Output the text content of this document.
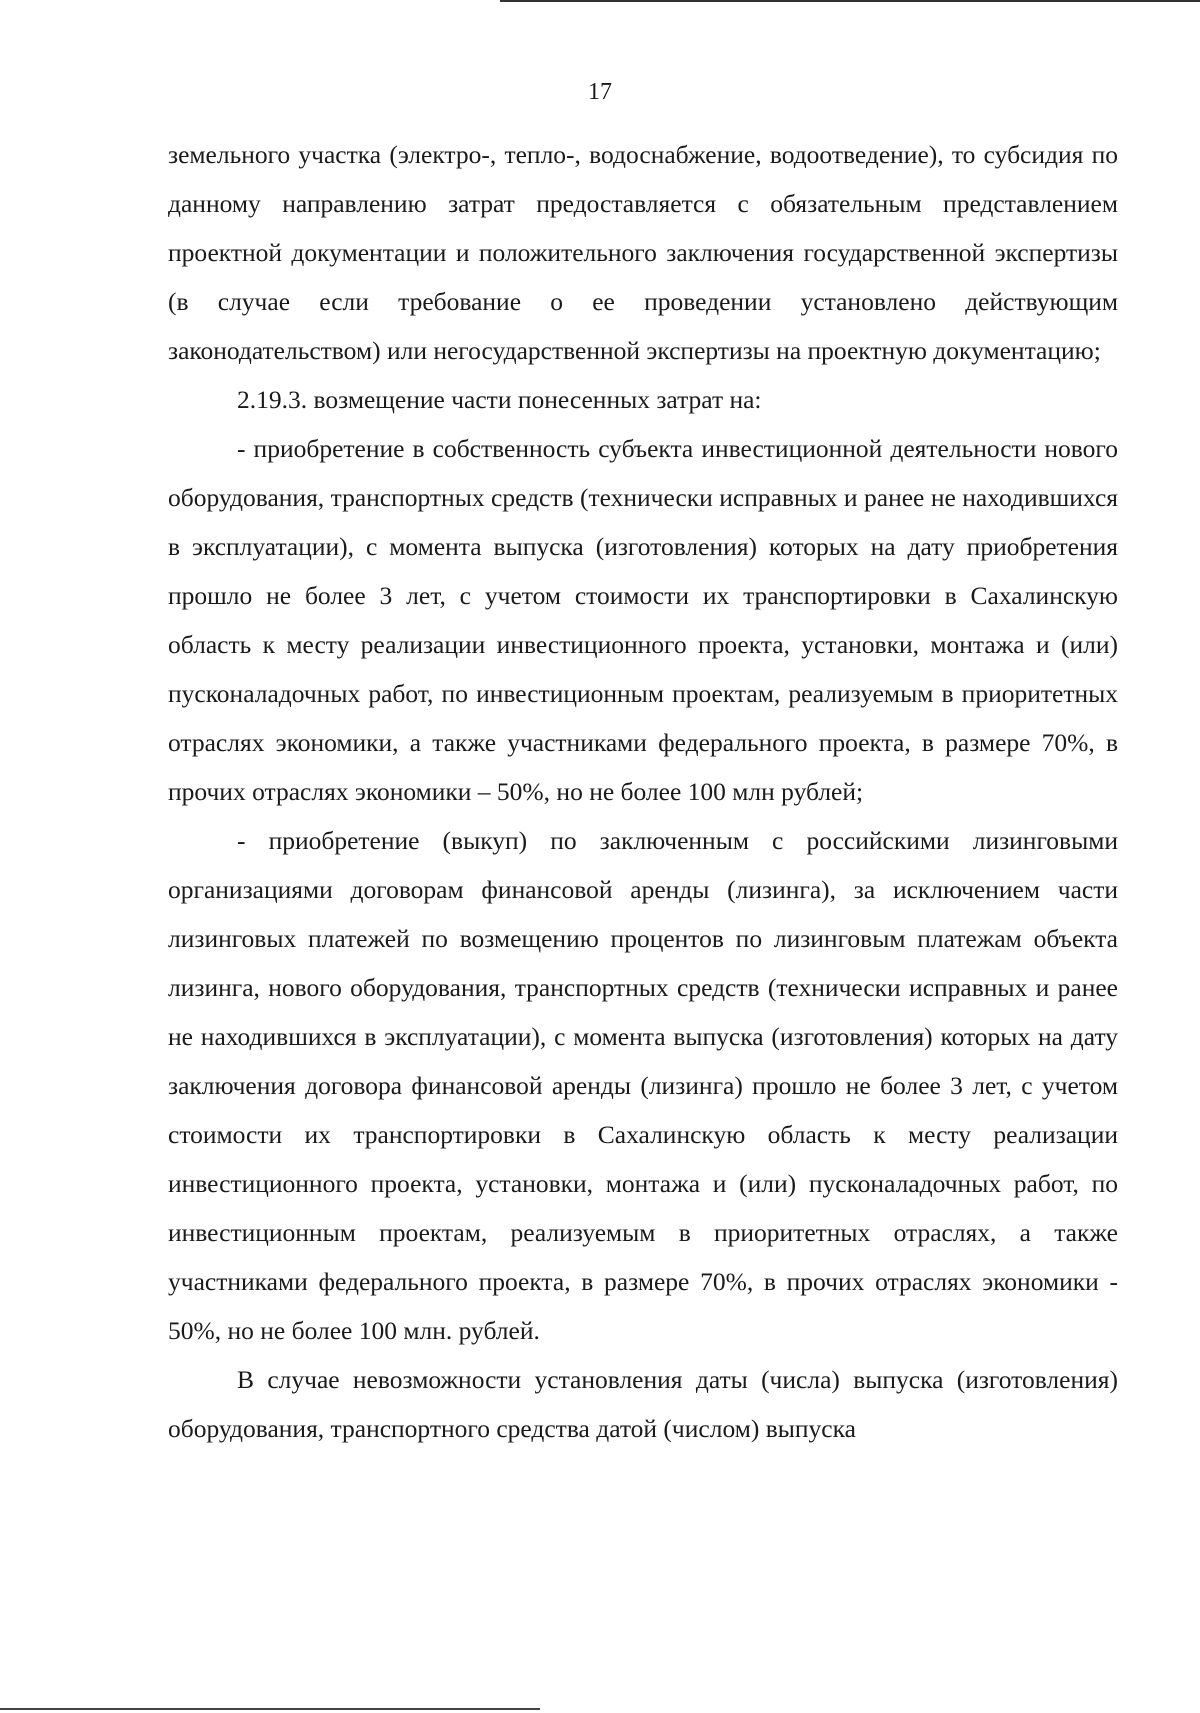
17

земельного участка (электро-, тепло-, водоснабжение, водоотведение), то субсидия по данному направлению затрат предоставляется с обязательным представлением проектной документации и положительного заключения государственной экспертизы (в случае если требование о ее проведении установлено действующим законодательством) или негосударственной экспертизы на проектную документацию;

2.19.3. возмещение части понесенных затрат на:

- приобретение в собственность субъекта инвестиционной деятельности нового оборудования, транспортных средств (технически исправных и ранее не находившихся в эксплуатации), с момента выпуска (изготовления) которых на дату приобретения прошло не более 3 лет, с учетом стоимости их транспортировки в Сахалинскую область к месту реализации инвестиционного проекта, установки, монтажа и (или) пусконаладочных работ, по инвестиционным проектам, реализуемым в приоритетных отраслях экономики, а также участниками федерального проекта, в размере 70%, в прочих отраслях экономики – 50%, но не более 100 млн рублей;

- приобретение (выкуп) по заключенным с российскими лизинговыми организациями договорам финансовой аренды (лизинга), за исключением части лизинговых платежей по возмещению процентов по лизинговым платежам объекта лизинга, нового оборудования, транспортных средств (технически исправных и ранее не находившихся в эксплуатации), с момента выпуска (изготовления) которых на дату заключения договора финансовой аренды (лизинга) прошло не более 3 лет, с учетом стоимости их транспортировки в Сахалинскую область к месту реализации инвестиционного проекта, установки, монтажа и (или) пусконаладочных работ, по инвестиционным проектам, реализуемым в приоритетных отраслях, а также участниками федерального проекта, в размере 70%, в прочих отраслях экономики - 50%, но не более 100 млн. рублей.

В случае невозможности установления даты (числа) выпуска (изготовления) оборудования, транспортного средства датой (числом) выпуска
